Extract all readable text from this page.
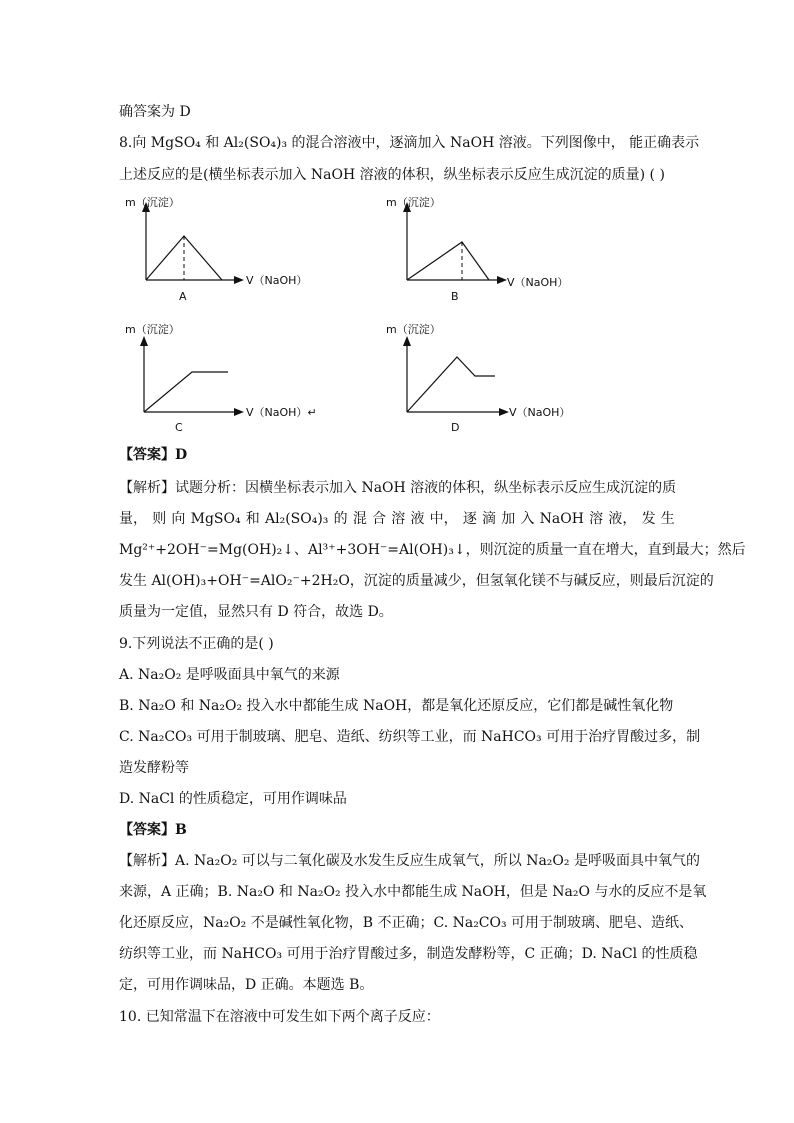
确答案为 D
8.向 MgSO₄ 和 Al₂(SO₄)₃ 的混合溶液中，逐滴加入 NaOH 溶液。下列图像中， 能正确表示
上述反应的是(横坐标表示加入 NaOH 溶液的体积，纵坐标表示反应生成沉淀的质量) ( )
m（沉淀）
V（NaOH）
A
m（沉淀）
V（NaOH）
B
m（沉淀）
V（NaOH）↵
C
m（沉淀）
V（NaOH）
D
【答案】D
【解析】试题分析：因横坐标表示加入 NaOH 溶液的体积，纵坐标表示反应生成沉淀的质
量， 则 向 MgSO₄ 和 Al₂(SO₄)₃ 的 混 合 溶 液 中， 逐 滴 加 入 NaOH 溶 液， 发 生
Mg²⁺+2OH⁻=Mg(OH)₂↓、Al³⁺+3OH⁻=Al(OH)₃↓，则沉淀的质量一直在增大，直到最大；然后
发生 Al(OH)₃+OH⁻=AlO₂⁻+2H₂O，沉淀的质量减少，但氢氧化镁不与碱反应，则最后沉淀的
质量为一定值，显然只有 D 符合，故选 D。
9.下列说法不正确的是( )
A. Na₂O₂ 是呼吸面具中氧气的来源
B. Na₂O 和 Na₂O₂ 投入水中都能生成 NaOH，都是氧化还原反应，它们都是碱性氧化物
C. Na₂CO₃ 可用于制玻璃、肥皂、造纸、纺织等工业，而 NaHCO₃ 可用于治疗胃酸过多，制
造发酵粉等
D. NaCl 的性质稳定，可用作调味品
【答案】B
【解析】A. Na₂O₂ 可以与二氧化碳及水发生反应生成氧气，所以 Na₂O₂ 是呼吸面具中氧气的
来源，A 正确；B. Na₂O 和 Na₂O₂ 投入水中都能生成 NaOH，但是 Na₂O 与水的反应不是氧
化还原反应，Na₂O₂ 不是碱性氧化物，B 不正确；C. Na₂CO₃ 可用于制玻璃、肥皂、造纸、
纺织等工业，而 NaHCO₃ 可用于治疗胃酸过多，制造发酵粉等，C 正确；D. NaCl 的性质稳
定，可用作调味品，D 正确。本题选 B。
10. 已知常温下在溶液中可发生如下两个离子反应：
